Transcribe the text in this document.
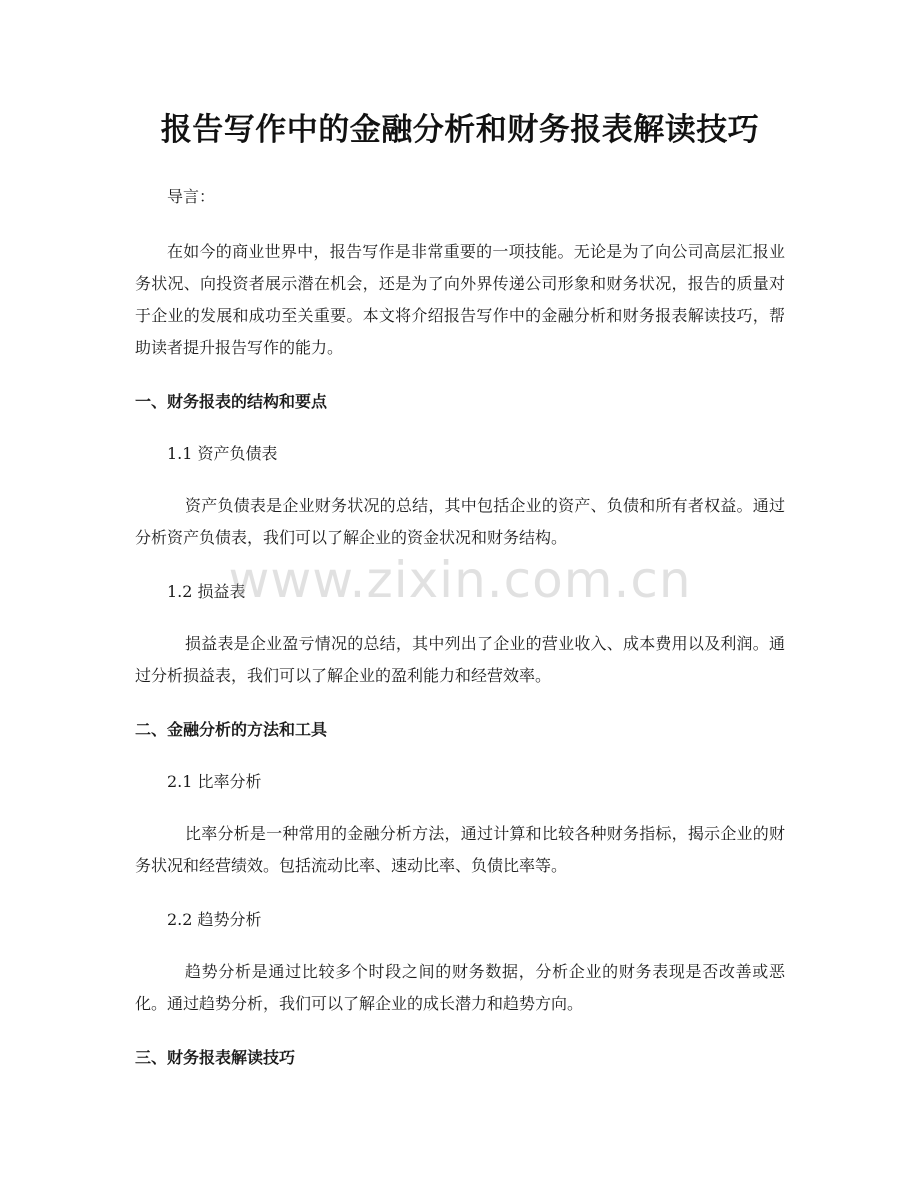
报告写作中的金融分析和财务报表解读技巧
导言：

在如今的商业世界中，报告写作是非常重要的一项技能。无论是为了向公司高层汇报业务状况、向投资者展示潜在机会，还是为了向外界传递公司形象和财务状况，报告的质量对于企业的发展和成功至关重要。本文将介绍报告写作中的金融分析和财务报表解读技巧，帮助读者提升报告写作的能力。

一、财务报表的结构和要点
1.1 资产负债表

资产负债表是企业财务状况的总结，其中包括企业的资产、负债和所有者权益。通过分析资产负债表，我们可以了解企业的资金状况和财务结构。

1.2 损益表

损益表是企业盈亏情况的总结，其中列出了企业的营业收入、成本费用以及利润。通过分析损益表，我们可以了解企业的盈利能力和经营效率。

二、金融分析的方法和工具
2.1 比率分析

比率分析是一种常用的金融分析方法，通过计算和比较各种财务指标，揭示企业的财务状况和经营绩效。包括流动比率、速动比率、负债比率等。

2.2 趋势分析

趋势分析是通过比较多个时段之间的财务数据，分析企业的财务表现是否改善或恶化。通过趋势分析，我们可以了解企业的成长潜力和趋势方向。

三、财务报表解读技巧
www.zixin.com.cn
